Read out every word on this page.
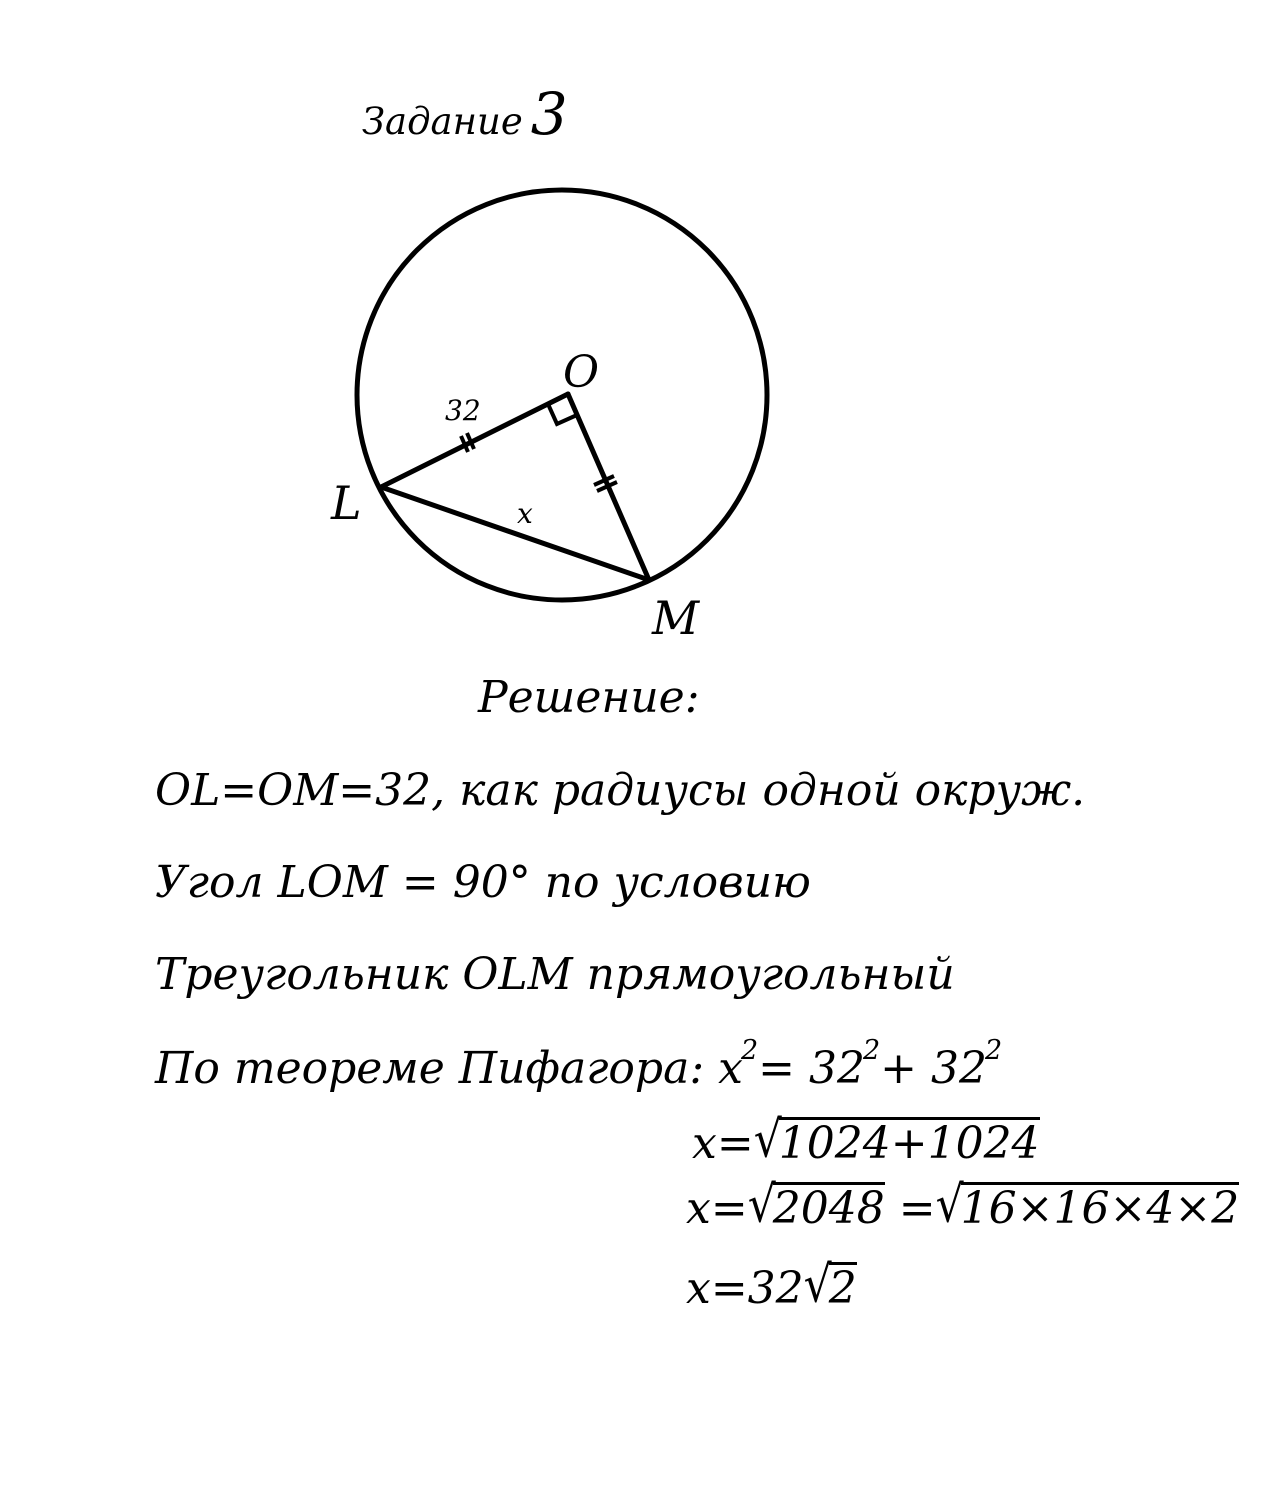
Задание 3
O
L
M
32
x
Решение:
OL=OM=32, как радиусы одной окруж.
Угол LOM = 90° по условию
Треугольник OLM прямоугольный
По теореме Пифагора: $x^2= 32^2+ 32^2$
x=√1024+1024
x=√2048 =√16×16×4×2
x=32√2
